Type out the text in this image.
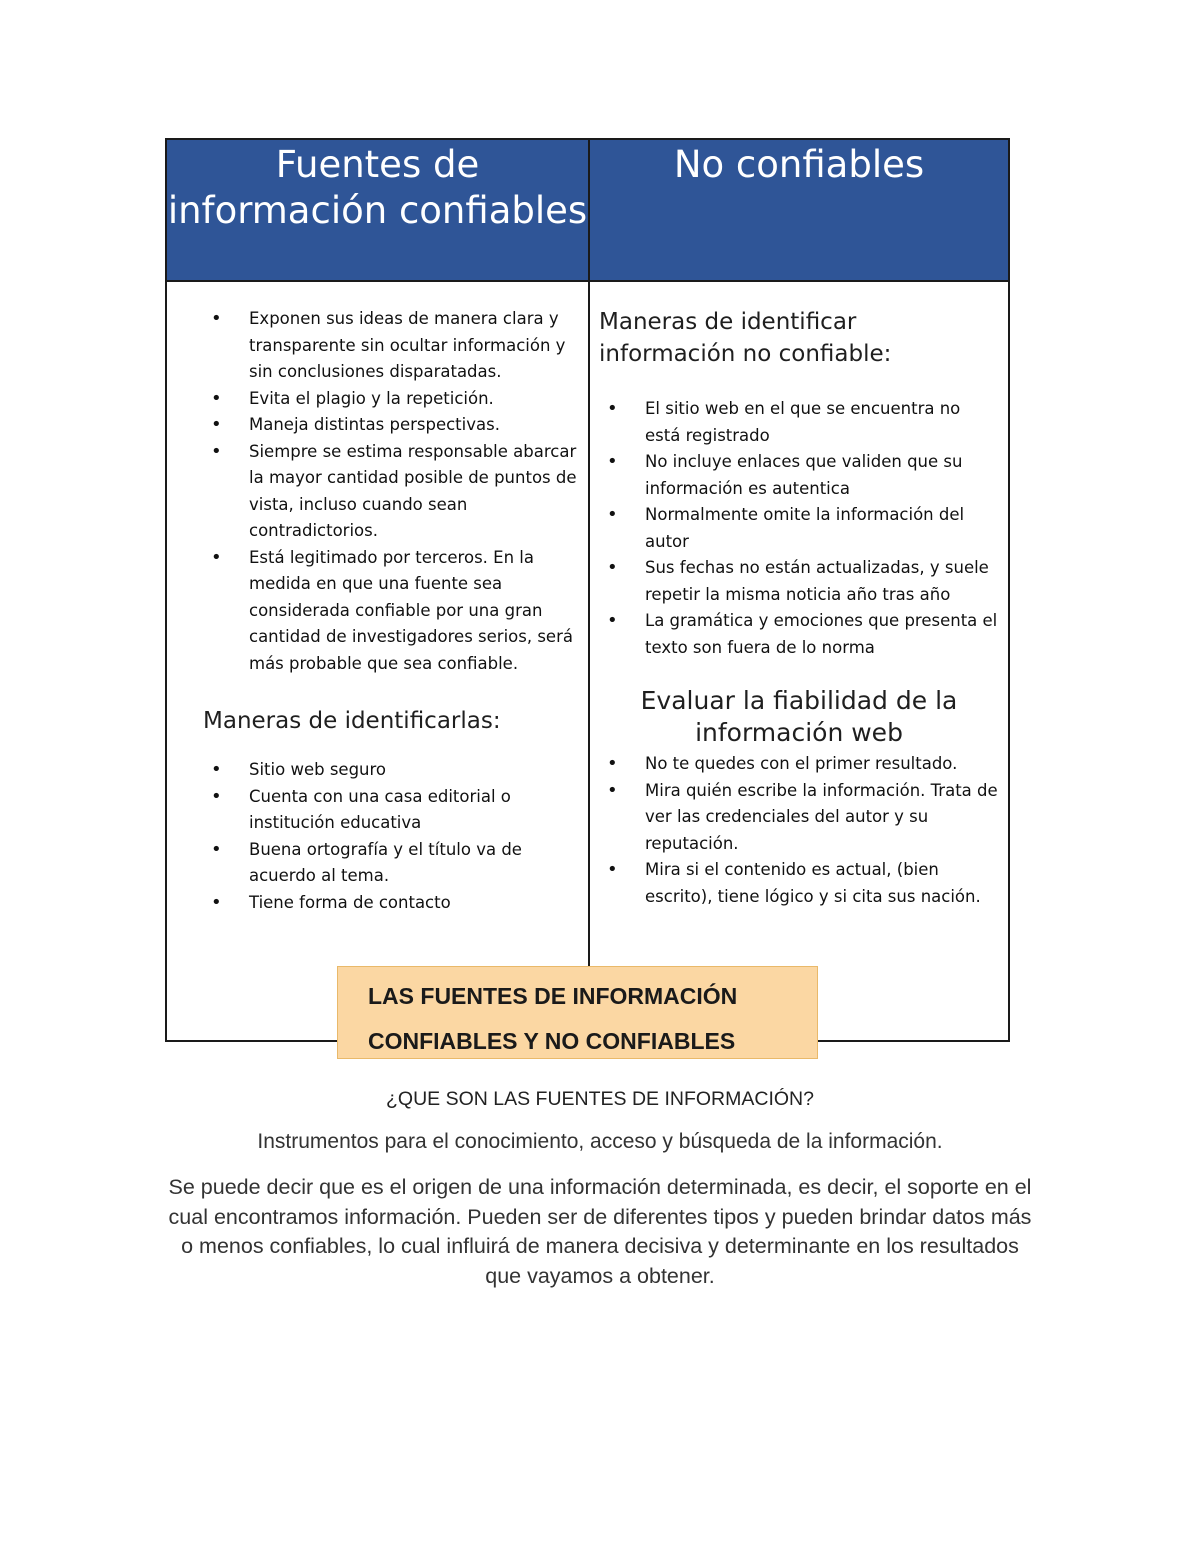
Fuentes de información confiables
No confiables
• Exponen sus ideas de manera clara y transparente sin ocultar información y sin conclusiones disparatadas.
• Evita el plagio y la repetición.
• Maneja distintas perspectivas.
• Siempre se estima responsable abarcar la mayor cantidad posible de puntos de vista, incluso cuando sean contradictorios.
• Está legitimado por terceros. En la medida en que una fuente sea considerada confiable por una gran cantidad de investigadores serios, será más probable que sea confiable.
Maneras de identificarlas:
• Sitio web seguro
• Cuenta con una casa editorial o institución educativa
• Buena ortografía y el título va de acuerdo al tema.
• Tiene forma de contacto
Maneras de identificar información no confiable:
• El sitio web en el que se encuentra no está registrado
• No incluye enlaces que validen que su información es autentica
• Normalmente omite la información del autor
• Sus fechas no están actualizadas, y suele repetir la misma noticia año tras año
• La gramática y emociones que presenta el texto son fuera de lo norma
Evaluar la fiabilidad de la información web
• No te quedes con el primer resultado.
• Mira quién escribe la información. Trata de ver las credenciales del autor y su reputación.
• Mira si el contenido es actual, (bien escrito), tiene lógico y si cita sus nación.
LAS FUENTES DE INFORMACIÓN
CONFIABLES Y NO CONFIABLES
¿QUE SON LAS FUENTES DE INFORMACIÓN?
Instrumentos para el conocimiento, acceso y búsqueda de la información.
Se puede decir que es el origen de una información determinada, es decir, el soporte en el cual encontramos información. Pueden ser de diferentes tipos y pueden brindar datos más o menos confiables, lo cual influirá de manera decisiva y determinante en los resultados que vayamos a obtener.
